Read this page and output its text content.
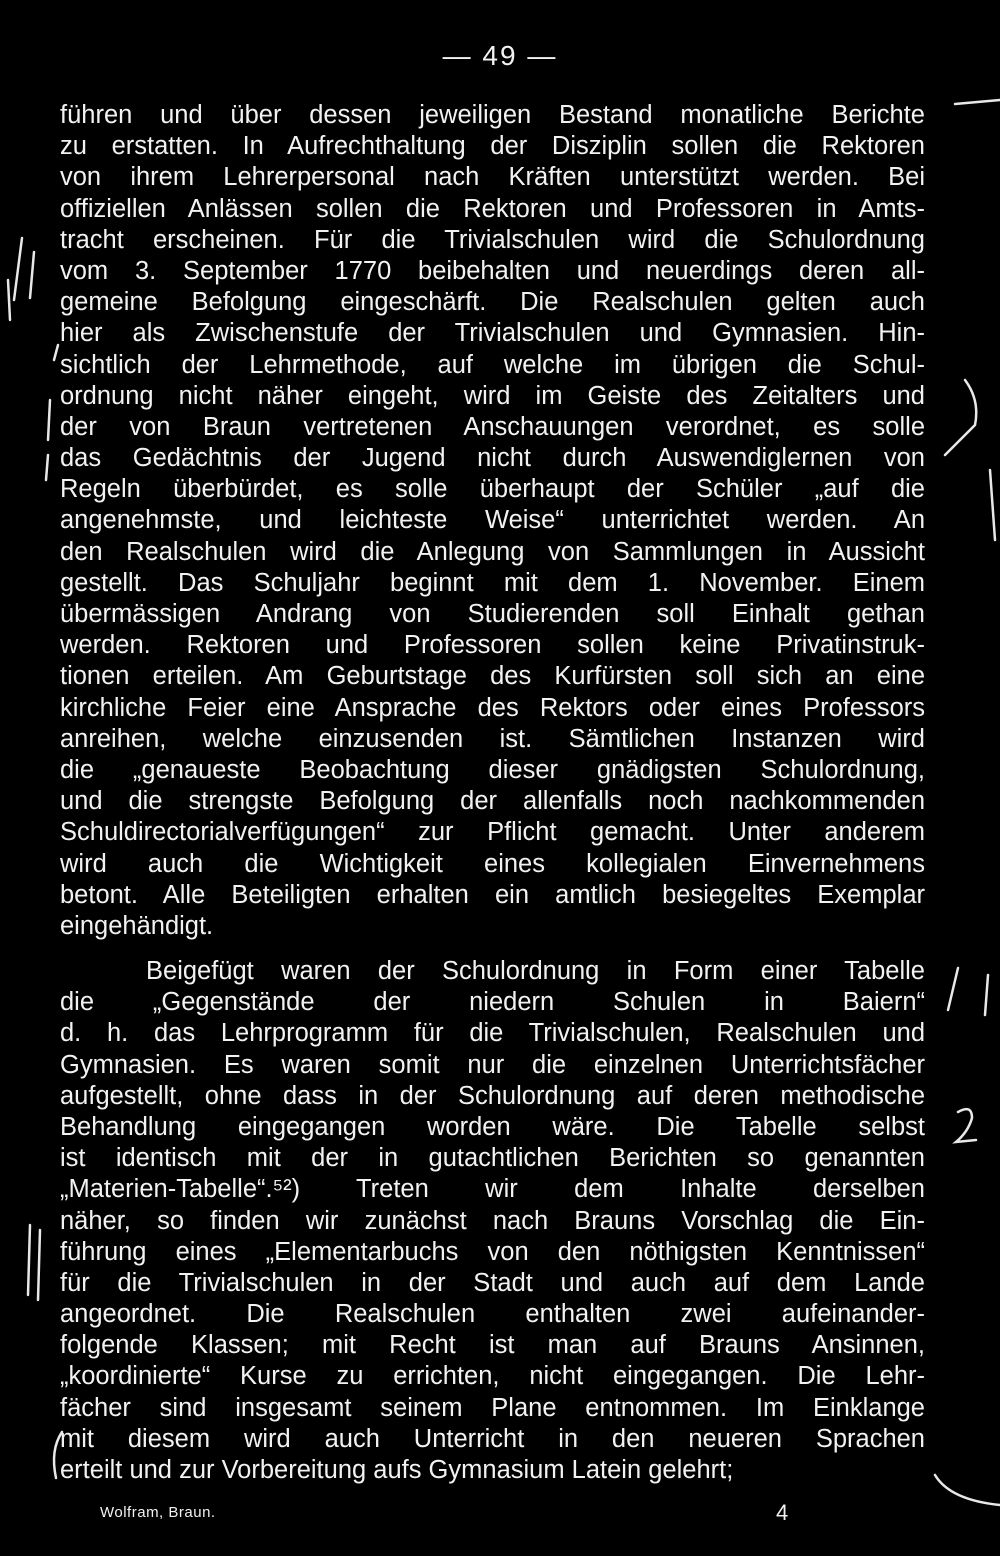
— 49 —
führen und über dessen jeweiligen Bestand monatliche Berichte
zu erstatten. In Aufrechthaltung der Disziplin sollen die Rektoren
von ihrem Lehrerpersonal nach Kräften unterstützt werden. Bei
offiziellen Anlässen sollen die Rektoren und Professoren in Amts-
tracht erscheinen. Für die Trivialschulen wird die Schulordnung
vom 3. September 1770 beibehalten und neuerdings deren all-
gemeine Befolgung eingeschärft. Die Realschulen gelten auch
hier als Zwischenstufe der Trivialschulen und Gymnasien. Hin-
sichtlich der Lehrmethode, auf welche im übrigen die Schul-
ordnung nicht näher eingeht, wird im Geiste des Zeitalters und
der von Braun vertretenen Anschauungen verordnet, es solle
das Gedächtnis der Jugend nicht durch Auswendiglernen von
Regeln überbürdet, es solle überhaupt der Schüler „auf die
angenehmste, und leichteste Weise“ unterrichtet werden. An
den Realschulen wird die Anlegung von Sammlungen in Aussicht
gestellt. Das Schuljahr beginnt mit dem 1. November. Einem
übermässigen Andrang von Studierenden soll Einhalt gethan
werden. Rektoren und Professoren sollen keine Privatinstruk-
tionen erteilen. Am Geburtstage des Kurfürsten soll sich an eine
kirchliche Feier eine Ansprache des Rektors oder eines Professors
anreihen, welche einzusenden ist. Sämtlichen Instanzen wird
die „genaueste Beobachtung dieser gnädigsten Schulordnung,
und die strengste Befolgung der allenfalls noch nachkommenden
Schuldirectorialverfügungen“ zur Pflicht gemacht. Unter anderem
wird auch die Wichtigkeit eines kollegialen Einvernehmens
betont. Alle Beteiligten erhalten ein amtlich besiegeltes Exemplar
eingehändigt.
Beigefügt waren der Schulordnung in Form einer Tabelle
die „Gegenstände der niedern Schulen in Baiern“
d. h. das Lehrprogramm für die Trivialschulen, Realschulen und
Gymnasien. Es waren somit nur die einzelnen Unterrichtsfächer
aufgestellt, ohne dass in der Schulordnung auf deren methodische
Behandlung eingegangen worden wäre. Die Tabelle selbst
ist identisch mit der in gutachtlichen Berichten so genannten
„Materien-Tabelle“.⁵²) Treten wir dem Inhalte derselben
näher, so finden wir zunächst nach Brauns Vorschlag die Ein-
führung eines „Elementarbuchs von den nöthigsten Kenntnissen“
für die Trivialschulen in der Stadt und auch auf dem Lande
angeordnet. Die Realschulen enthalten zwei aufeinander-
folgende Klassen; mit Recht ist man auf Brauns Ansinnen,
„koordinierte“ Kurse zu errichten, nicht eingegangen. Die Lehr-
fächer sind insgesamt seinem Plane entnommen. Im Einklange
mit diesem wird auch Unterricht in den neueren Sprachen
erteilt und zur Vorbereitung aufs Gymnasium Latein gelehrt;
Wolfram, Braun.	4
